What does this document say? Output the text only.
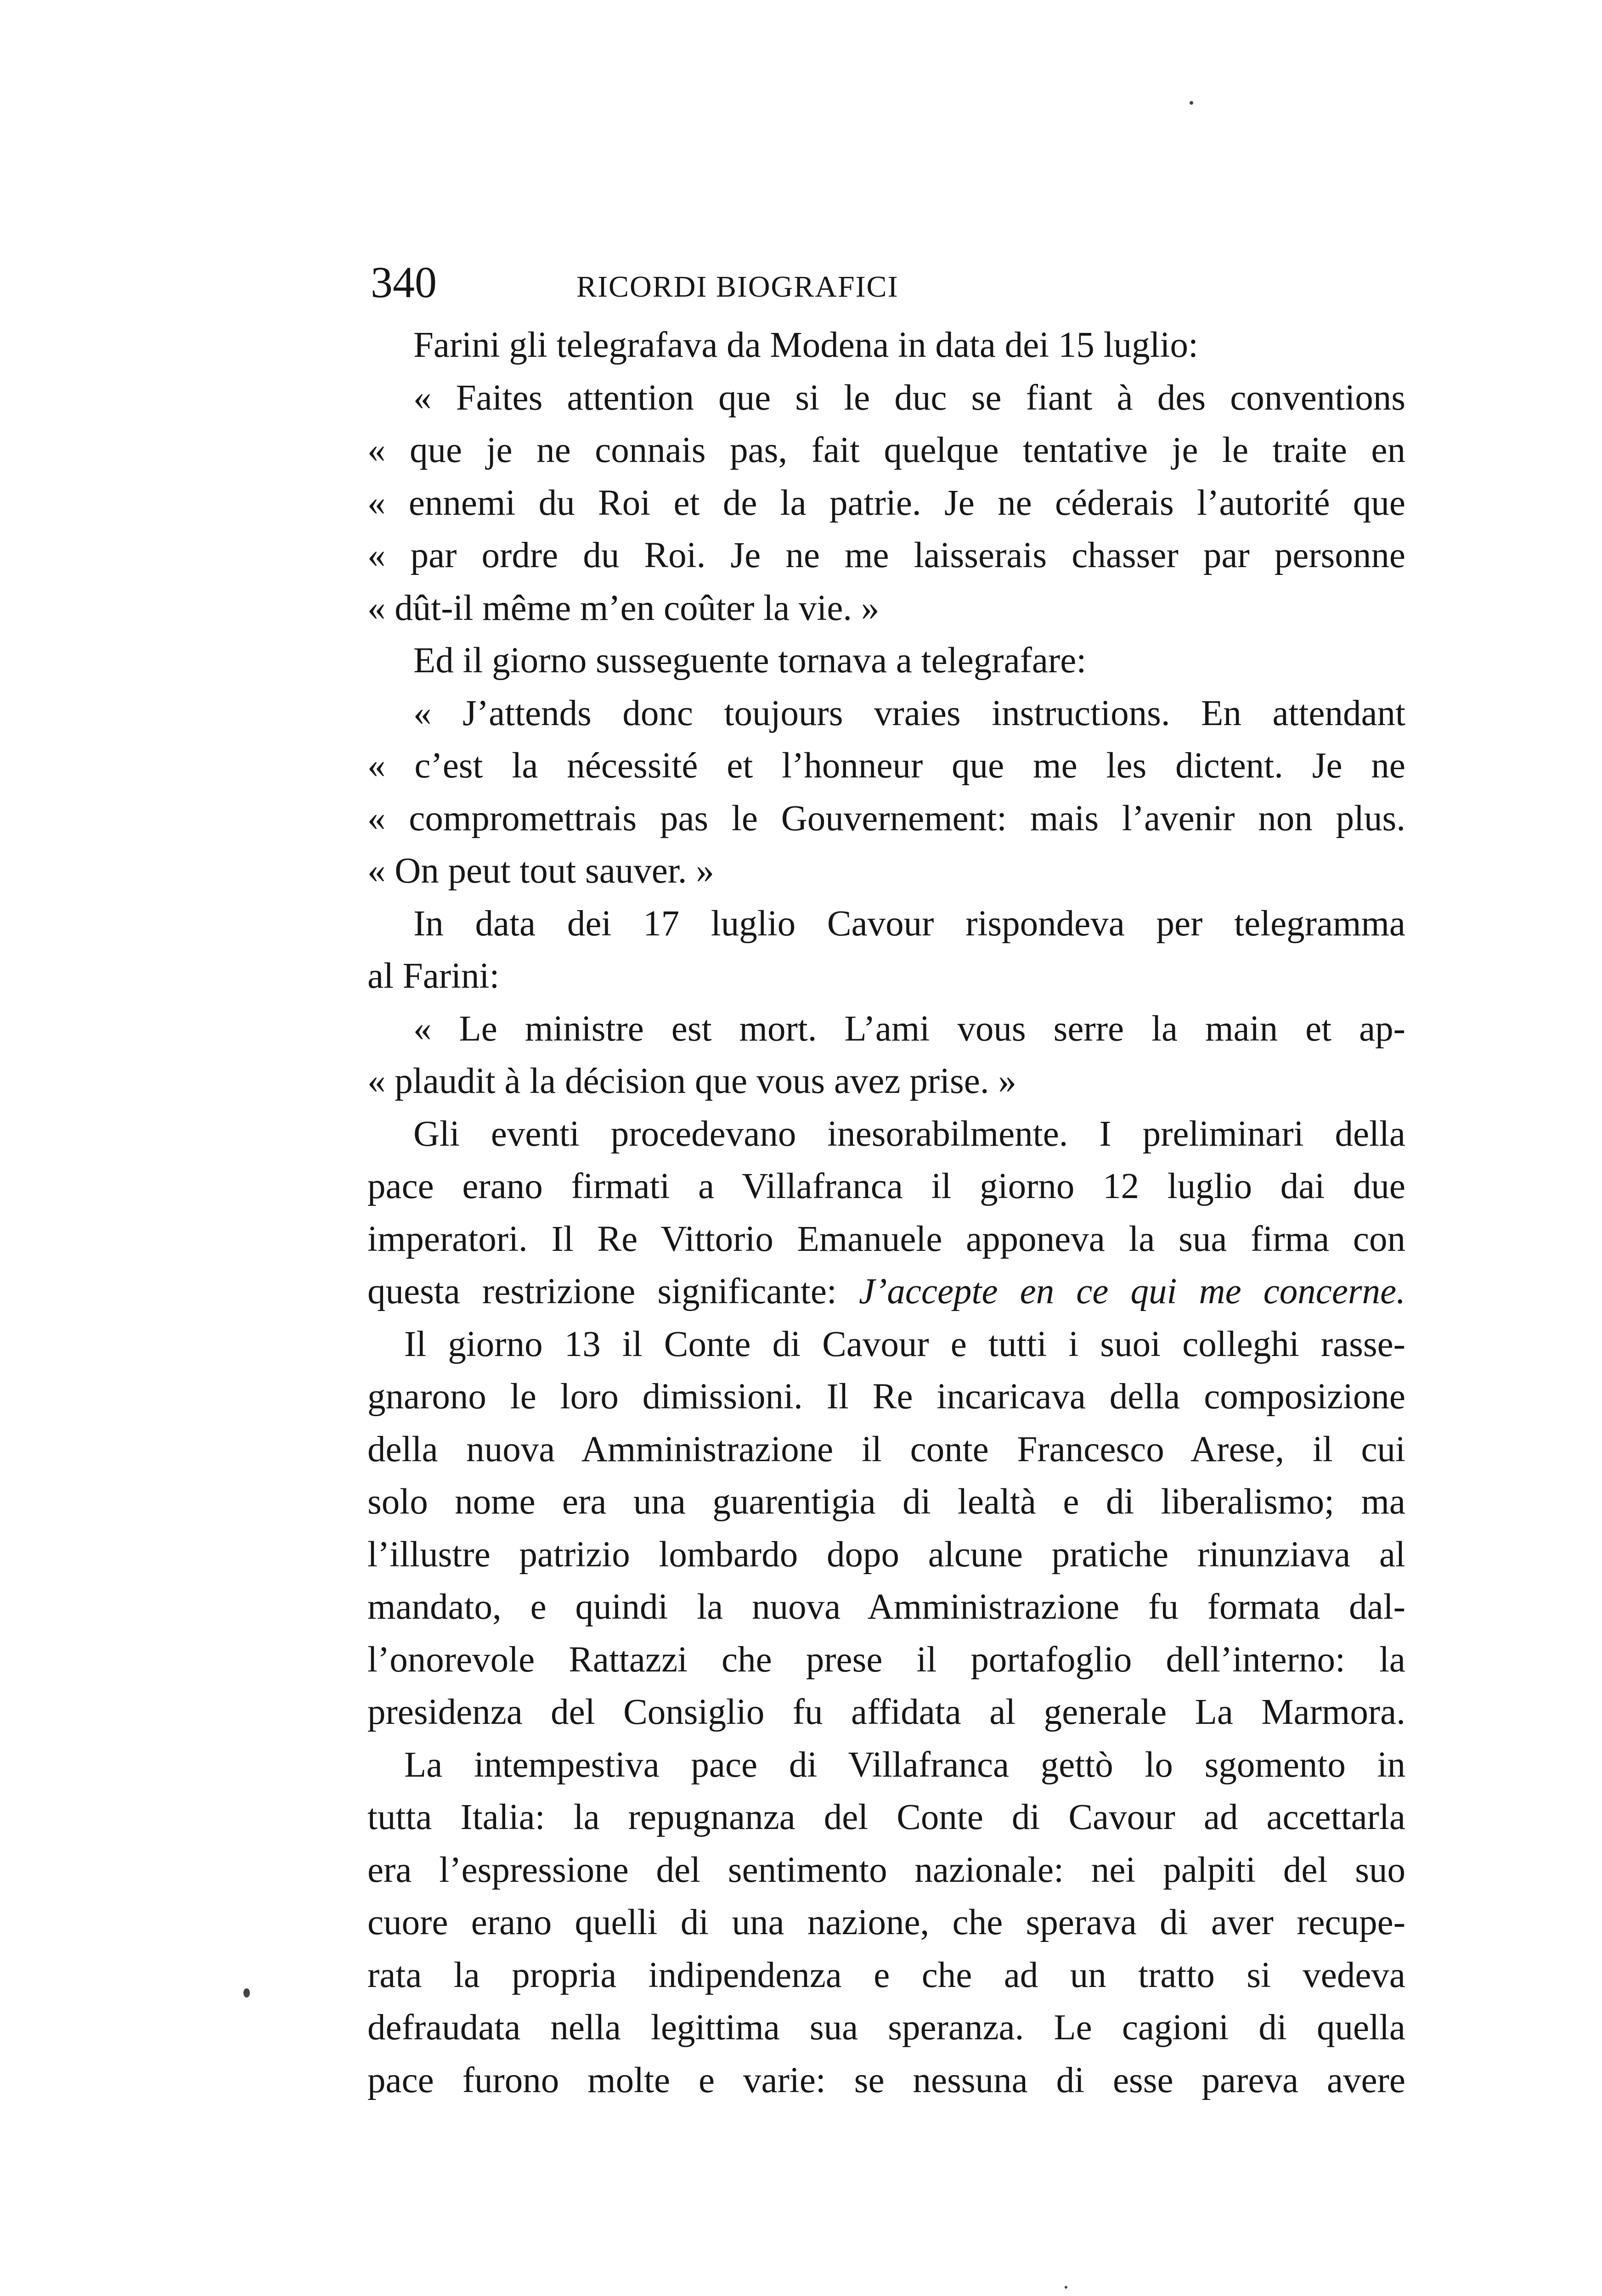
340	RICORDI BIOGRAFICI
Farini gli telegrafava da Modena in data dei 15 luglio:
« Faites attention que si le duc se fiant à des conventions
« que je ne connais pas, fait quelque tentative je le traite en
« ennemi du Roi et de la patrie. Je ne céderais l’autorité que
« par ordre du Roi. Je ne me laisserais chasser par personne
« dût-il même m’en coûter la vie. »
Ed il giorno susseguente tornava a telegrafare:
« J’attends donc toujours vraies instructions. En attendant
« c’est la nécessité et l’honneur que me les dictent. Je ne
« compromettrais pas le Gouvernement: mais l’avenir non plus.
« On peut tout sauver. »
In data dei 17 luglio Cavour rispondeva per telegramma
al Farini:
« Le ministre est mort. L’ami vous serre la main et ap-
« plaudit à la décision que vous avez prise. »
Gli eventi procedevano inesorabilmente. I preliminari della
pace erano firmati a Villafranca il giorno 12 luglio dai due
imperatori. Il Re Vittorio Emanuele apponeva la sua firma con
questa restrizione significante: J’accepte en ce qui me concerne.
Il giorno 13 il Conte di Cavour e tutti i suoi colleghi rasse-
gnarono le loro dimissioni. Il Re incaricava della composizione
della nuova Amministrazione il conte Francesco Arese, il cui
solo nome era una guarentigia di lealtà e di liberalismo; ma
l’illustre patrizio lombardo dopo alcune pratiche rinunziava al
mandato, e quindi la nuova Amministrazione fu formata dal-
l’onorevole Rattazzi che prese il portafoglio dell’interno: la
presidenza del Consiglio fu affidata al generale La Marmora.
La intempestiva pace di Villafranca gettò lo sgomento in
tutta Italia: la repugnanza del Conte di Cavour ad accettarla
era l’espressione del sentimento nazionale: nei palpiti del suo
cuore erano quelli di una nazione, che sperava di aver recupe-
rata la propria indipendenza e che ad un tratto si vedeva
defraudata nella legittima sua speranza. Le cagioni di quella
pace furono molte e varie: se nessuna di esse pareva avere
